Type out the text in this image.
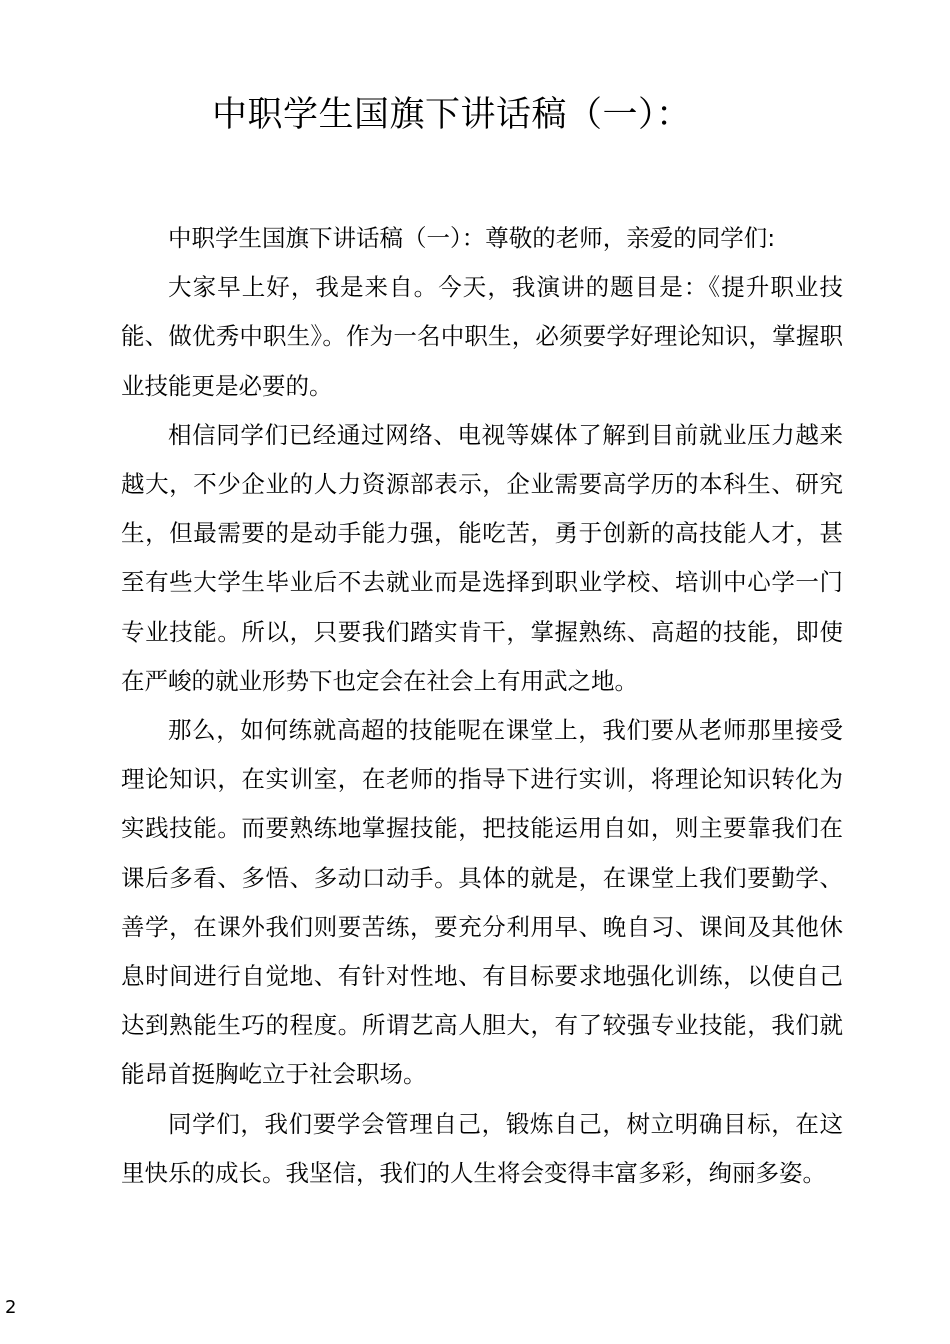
中职学生国旗下讲话稿（一）：

中职学生国旗下讲话稿（一）：尊敬的老师，亲爱的同学们:

大家早上好，我是来自。今天，我演讲的题目是：《提升职业技能、做优秀中职生》。作为一名中职生，必须要学好理论知识，掌握职业技能更是必要的。

相信同学们已经通过网络、电视等媒体了解到目前就业压力越来越大，不少企业的人力资源部表示，企业需要高学历的本科生、研究生，但最需要的是动手能力强，能吃苦，勇于创新的高技能人才，甚至有些大学生毕业后不去就业而是选择到职业学校、培训中心学一门专业技能。所以，只要我们踏实肯干，掌握熟练、高超的技能，即使在严峻的就业形势下也定会在社会上有用武之地。

那么，如何练就高超的技能呢在课堂上，我们要从老师那里接受理论知识，在实训室，在老师的指导下进行实训，将理论知识转化为实践技能。而要熟练地掌握技能，把技能运用自如，则主要靠我们在课后多看、多悟、多动口动手。具体的就是，在课堂上我们要勤学、善学，在课外我们则要苦练，要充分利用早、晚自习、课间及其他休息时间进行自觉地、有针对性地、有目标要求地强化训练，以使自己达到熟能生巧的程度。所谓艺高人胆大，有了较强专业技能，我们就能昂首挺胸屹立于社会职场。

同学们，我们要学会管理自己，锻炼自己，树立明确目标，在这里快乐的成长。我坚信，我们的人生将会变得丰富多彩，绚丽多姿。

2
